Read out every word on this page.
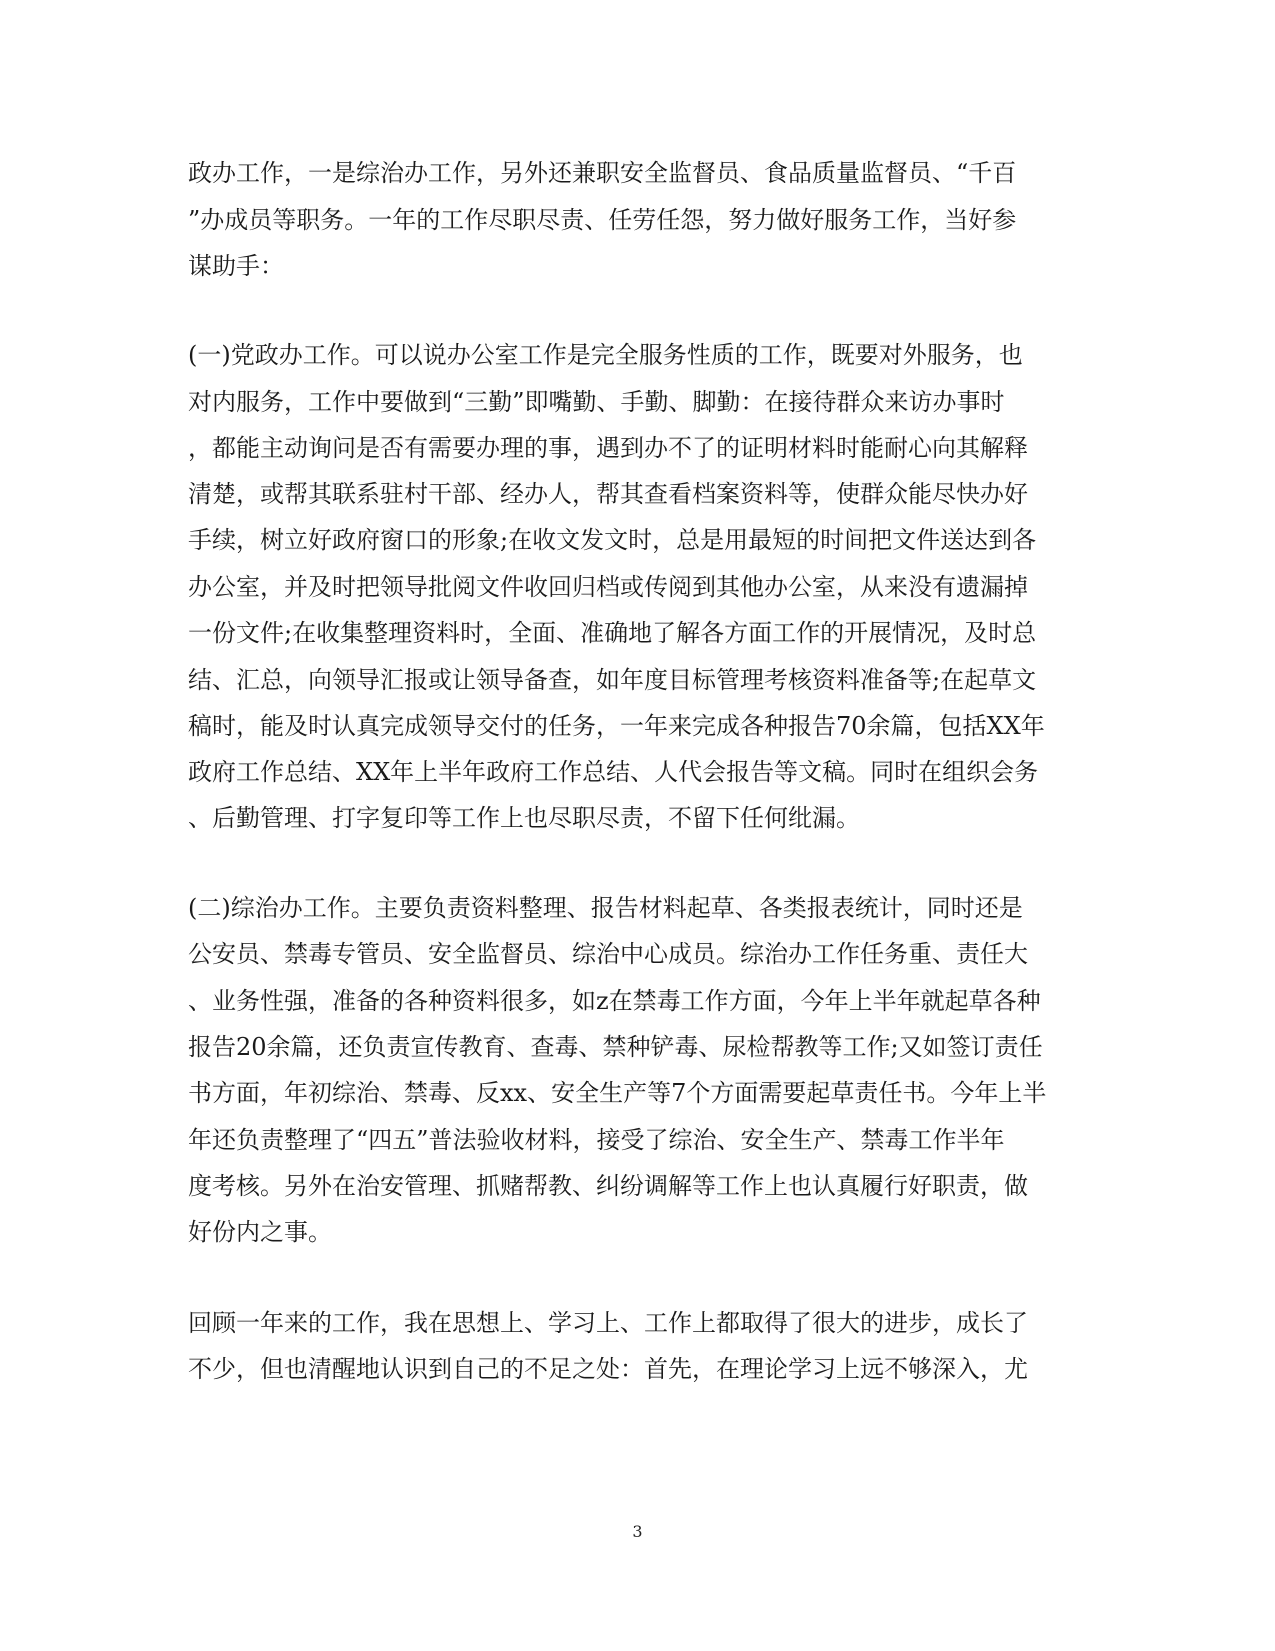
政办工作，一是综治办工作，另外还兼职安全监督员、食品质量监督员、“千百
”办成员等职务。一年的工作尽职尽责、任劳任怨，努力做好服务工作，当好参
谋助手：
(一)党政办工作。可以说办公室工作是完全服务性质的工作，既要对外服务，也
对内服务，工作中要做到“三勤”即嘴勤、手勤、脚勤：在接待群众来访办事时
，都能主动询问是否有需要办理的事，遇到办不了的证明材料时能耐心向其解释
清楚，或帮其联系驻村干部、经办人，帮其查看档案资料等，使群众能尽快办好
手续，树立好政府窗口的形象;在收文发文时，总是用最短的时间把文件送达到各
办公室，并及时把领导批阅文件收回归档或传阅到其他办公室，从来没有遗漏掉
一份文件;在收集整理资料时，全面、准确地了解各方面工作的开展情况，及时总
结、汇总，向领导汇报或让领导备查，如年度目标管理考核资料准备等;在起草文
稿时，能及时认真完成领导交付的任务，一年来完成各种报告70余篇，包括XX年
政府工作总结、XX年上半年政府工作总结、人代会报告等文稿。同时在组织会务
、后勤管理、打字复印等工作上也尽职尽责，不留下任何纰漏。
(二)综治办工作。主要负责资料整理、报告材料起草、各类报表统计，同时还是
公安员、禁毒专管员、安全监督员、综治中心成员。综治办工作任务重、责任大
、业务性强，准备的各种资料很多，如z在禁毒工作方面，今年上半年就起草各种
报告20余篇，还负责宣传教育、查毒、禁种铲毒、尿检帮教等工作;又如签订责任
书方面，年初综治、禁毒、反xx、安全生产等7个方面需要起草责任书。今年上半
年还负责整理了“四五”普法验收材料，接受了综治、安全生产、禁毒工作半年
度考核。另外在治安管理、抓赌帮教、纠纷调解等工作上也认真履行好职责，做
好份内之事。
回顾一年来的工作，我在思想上、学习上、工作上都取得了很大的进步，成长了
不少，但也清醒地认识到自己的不足之处：首先，在理论学习上远不够深入，尤
3
